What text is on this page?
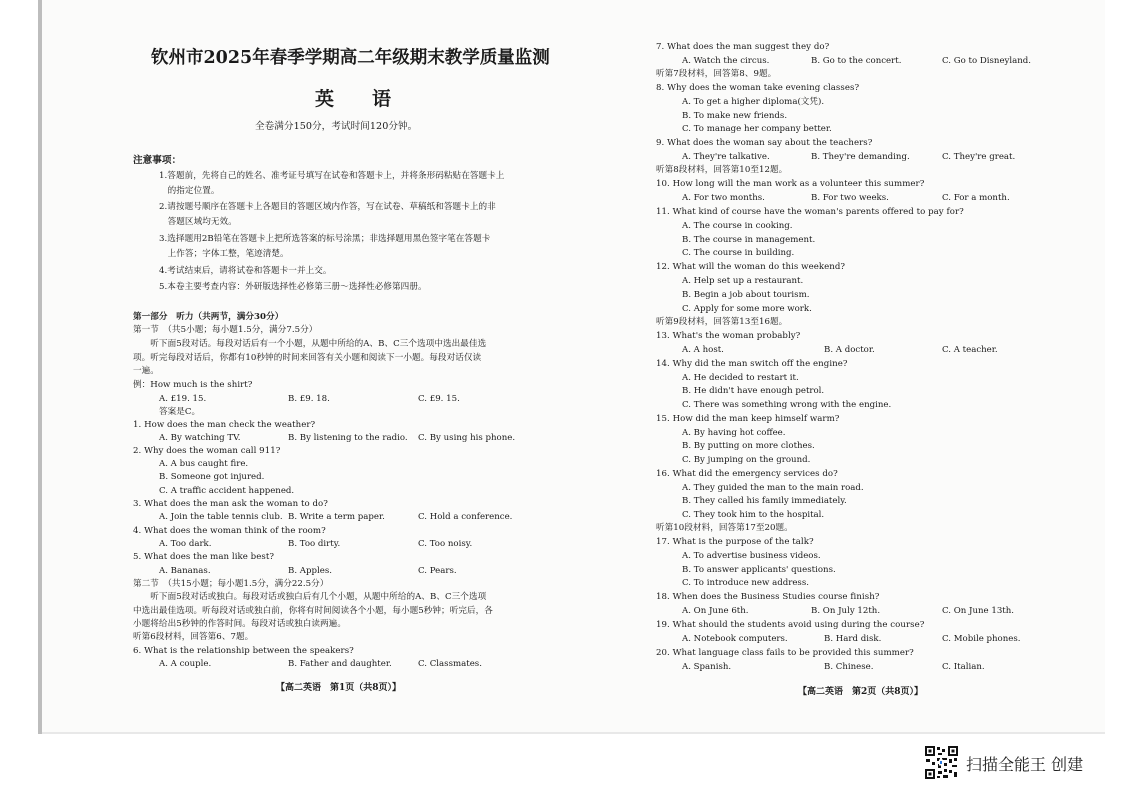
钦州市2025年春季学期高二年级期末教学质量监测
英　　语
全卷满分150分，考试时间120分钟。
注意事项：
1.答题前，先将自己的姓名、准考证号填写在试卷和答题卡上，并将条形码粘贴在答题卡上
　的指定位置。
2.请按题号顺序在答题卡上各题目的答题区域内作答，写在试卷、草稿纸和答题卡上的非
　答题区域均无效。
3.选择题用2B铅笔在答题卡上把所选答案的标号涂黑；非选择题用黑色签字笔在答题卡
　上作答；字体工整，笔迹清楚。
4.考试结束后，请将试卷和答题卡一并上交。
5.本卷主要考查内容：外研版选择性必修第三册～选择性必修第四册。
第一部分　听力（共两节，满分30分）
第一节　（共5小题；每小题1.5分，满分7.5分）
　　听下面5段对话。每段对话后有一个小题，从题中所给的A、B、C三个选项中选出最佳选
项。听完每段对话后，你都有10秒钟的时间来回答有关小题和阅读下一小题。每段对话仅读
一遍。
例：How much is the shirt?
A. £19. 15.	B. £9. 18.	C. £9. 15.
答案是C。
1. How does the man check the weather?
A. By watching TV.	B. By listening to the radio. C. By using his phone.
2. Why does the woman call 911?
A. A bus caught fire.
B. Someone got injured.
C. A traffic accident happened.
3. What does the man ask the woman to do?
A. Join the table tennis club. B. Write a term paper.	C. Hold a conference.
4. What does the woman think of the room?
A. Too dark.	B. Too dirty.	C. Too noisy.
5. What does the man like best?
A. Bananas.	B. Apples.	C. Pears.
第二节　（共15小题；每小题1.5分，满分22.5分）
　　听下面5段对话或独白。每段对话或独白后有几个小题，从题中所给的A、B、C三个选项
中选出最佳选项。听每段对话或独白前，你将有时间阅读各个小题，每小题5秒钟；听完后，各
小题将给出5秒钟的作答时间。每段对话或独白读两遍。
听第6段材料，回答第6、7题。
6. What is the relationship between the speakers?
A. A couple.	B. Father and daughter.	C. Classmates.
【高二英语　第1页（共8页）】
7. What does the man suggest they do?
A. Watch the circus.	B. Go to the concert.	C. Go to Disneyland.
听第7段材料，回答第8、9题。
8. Why does the woman take evening classes?
A. To get a higher diploma(文凭).
B. To make new friends.
C. To manage her company better.
9. What does the woman say about the teachers?
A. They're talkative.	B. They're demanding.	C. They're great.
听第8段材料，回答第10至12题。
10. How long will the man work as a volunteer this summer?
A. For two months.	B. For two weeks.	C. For a month.
11. What kind of course have the woman's parents offered to pay for?
A. The course in cooking.
B. The course in management.
C. The course in building.
12. What will the woman do this weekend?
A. Help set up a restaurant.
B. Begin a job about tourism.
C. Apply for some more work.
听第9段材料，回答第13至16题。
13. What's the woman probably?
A. A host.	B. A doctor.	C. A teacher.
14. Why did the man switch off the engine?
A. He decided to restart it.
B. He didn't have enough petrol.
C. There was something wrong with the engine.
15. How did the man keep himself warm?
A. By having hot coffee.
B. By putting on more clothes.
C. By jumping on the ground.
16. What did the emergency services do?
A. They guided the man to the main road.
B. They called his family immediately.
C. They took him to the hospital.
听第10段材料，回答第17至20题。
17. What is the purpose of the talk?
A. To advertise business videos.
B. To answer applicants' questions.
C. To introduce new address.
18. When does the Business Studies course finish?
A. On June 6th.	B. On July 12th.	C. On June 13th.
19. What should the students avoid using during the course?
A. Notebook computers.	B. Hard disk.	C. Mobile phones.
20. What language class fails to be provided this summer?
A. Spanish.	B. Chinese.	C. Italian.
【高二英语　第2页（共8页）】
扫描全能王 创建
